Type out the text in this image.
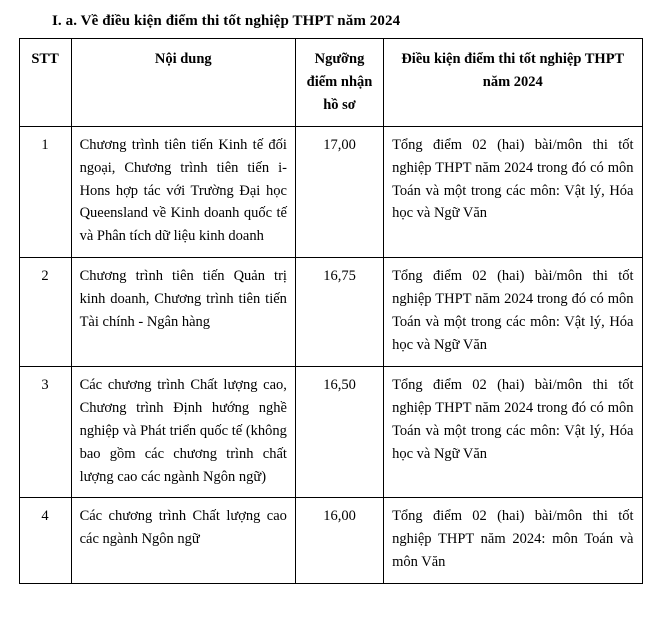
I. a. Về điều kiện điểm thi tốt nghiệp THPT năm 2024
STT	Nội dung	Ngưỡng điểm nhận hồ sơ	Điều kiện điểm thi tốt nghiệp THPT năm 2024
1	Chương trình tiên tiến Kinh tế đối ngoại, Chương trình tiên tiến i-Hons hợp tác với Trường Đại học Queensland về Kinh doanh quốc tế và Phân tích dữ liệu kinh doanh	17,00	Tổng điểm 02 (hai) bài/môn thi tốt nghiệp THPT năm 2024 trong đó có môn Toán và một trong các môn: Vật lý, Hóa học và Ngữ Văn
2	Chương trình tiên tiến Quản trị kinh doanh, Chương trình tiên tiến Tài chính - Ngân hàng	16,75	Tổng điểm 02 (hai) bài/môn thi tốt nghiệp THPT năm 2024 trong đó có môn Toán và một trong các môn: Vật lý, Hóa học và Ngữ Văn
3	Các chương trình Chất lượng cao, Chương trình Định hướng nghề nghiệp và Phát triển quốc tế (không bao gồm các chương trình chất lượng cao các ngành Ngôn ngữ)	16,50	Tổng điểm 02 (hai) bài/môn thi tốt nghiệp THPT năm 2024 trong đó có môn Toán và một trong các môn: Vật lý, Hóa học và Ngữ Văn
4	Các chương trình Chất lượng cao các ngành Ngôn ngữ	16,00	Tổng điểm 02 (hai) bài/môn thi tốt nghiệp THPT năm 2024: môn Toán và môn Văn
